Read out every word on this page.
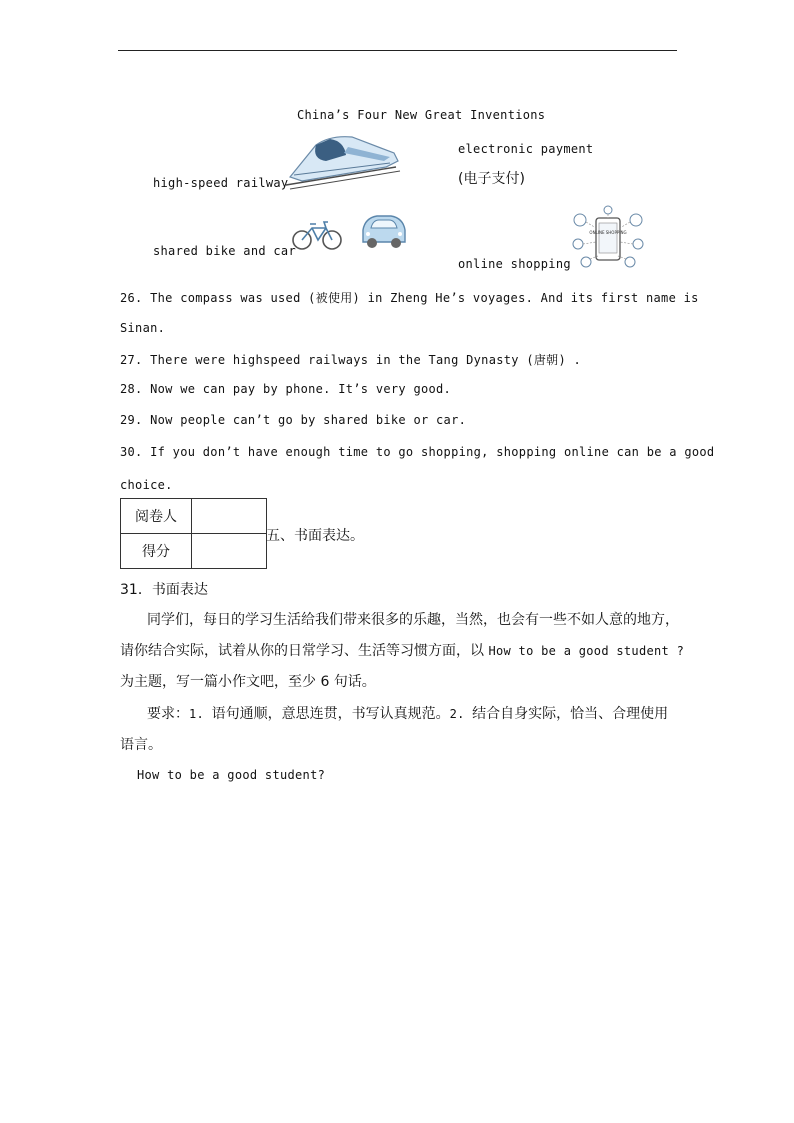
China’s Four New Great Inventions
high-speed railway
electronic payment
(电子支付)
shared bike and car
online shopping
ONLINE SHOPPING
26. The compass was used (被使用) in Zheng He’s voyages. And its first name is
Sinan.
27. There were highspeed railways in the Tang Dynasty (唐朝) .
28. Now we can pay by phone. It’s very good.
29. Now people can’t go by shared bike or car.
30. If you don’t have enough time to go shopping, shopping online can be a good
choice.
阅卷人	
得分	
五、书面表达。
31．书面表达
同学们，每日的学习生活给我们带来很多的乐趣，当然，也会有一些不如人意的地方，
请你结合实际，试着从你的日常学习、生活等习惯方面，以 How to be a good student ?
为主题，写一篇小作文吧，至少 6 句话。
要求：1. 语句通顺，意思连贯，书写认真规范。2. 结合自身实际，恰当、合理使用
语言。
How to be a good student?
